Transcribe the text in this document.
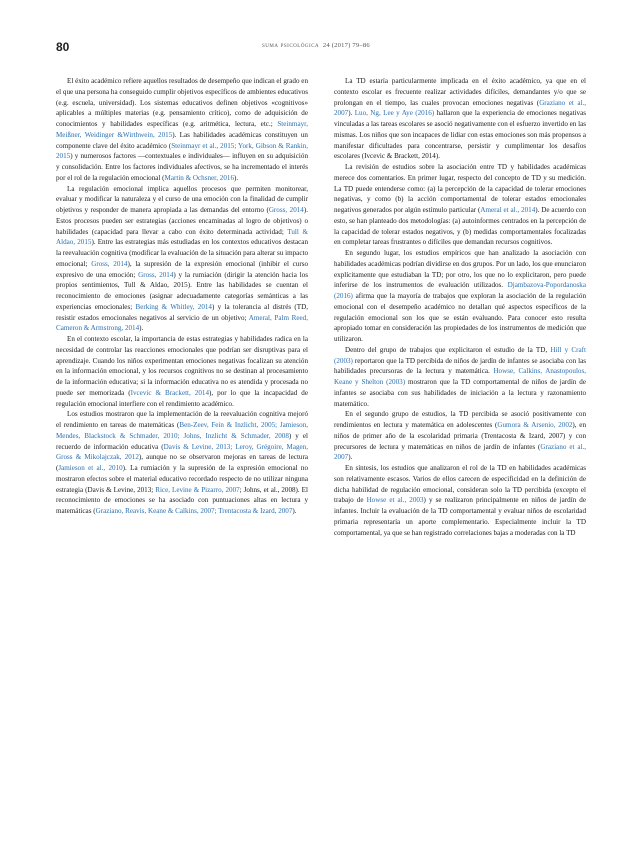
80	suma psicológica 24 (2017) 79–86

El éxito académico refiere aquellos resultados de desempeño que indican el grado en el que una persona ha conseguido cumplir objetivos específicos de ambientes educativos (e.g. escuela, universidad). Los sistemas educativos definen objetivos «cognitivos» aplicables a múltiples materias (e.g. pensamiento crítico), como de adquisición de conocimientos y habilidades específicas (e.g. aritmética, lectura, etc.; Steinmayr, Meißner, Weidinger &Wirthwein, 2015). Las habilidades académicas constituyen un componente clave del éxito académico (Steinmayr et al., 2015; York, Gibson & Rankin, 2015) y numerosos factores —contextuales e individuales— influyen en su adquisición y consolidación. Entre los factores individuales afectivos, se ha incrementado el interés por el rol de la regulación emocional (Martin & Ochsner, 2016).

La regulación emocional implica aquellos procesos que permiten monitorear, evaluar y modificar la naturaleza y el curso de una emoción con la finalidad de cumplir objetivos y responder de manera apropiada a las demandas del entorno (Gross, 2014). Estos procesos pueden ser estrategias (acciones encaminadas al logro de objetivos) o habilidades (capacidad para llevar a cabo con éxito determinada actividad; Tull & Aldao, 2015). Entre las estrategias más estudiadas en los contextos educativos destacan la reevaluación cognitiva (modificar la evaluación de la situación para alterar su impacto emocional; Gross, 2014), la supresión de la expresión emocional (inhibir el curso expresivo de una emoción; Gross, 2014) y la rumiación (dirigir la atención hacia los propios sentimientos, Tull & Aldao, 2015). Entre las habilidades se cuentan el reconocimiento de emociones (asignar adecuadamente categorías semánticas a las experiencias emocionales; Berking & Whitley, 2014) y la tolerancia al distrés (TD, resistir estados emocionales negativos al servicio de un objetivo; Ameral, Palm Reed, Cameron & Armstrong, 2014).

En el contexto escolar, la importancia de estas estrategias y habilidades radica en la necesidad de controlar las reacciones emocionales que podrían ser disruptivas para el aprendizaje. Cuando los niños experimentan emociones negativas focalizan su atención en la información emocional, y los recursos cognitivos no se destinan al procesamiento de la información educativa; si la información educativa no es atendida y procesada no puede ser memorizada (Ivcevic & Brackett, 2014), por lo que la incapacidad de regulación emocional interfiere con el rendimiento académico.

Los estudios mostraron que la implementación de la reevaluación cognitiva mejoró el rendimiento en tareas de matemáticas (Ben-Zeev, Fein & Inzlicht, 2005; Jamieson, Mendes, Blackstock & Schmader, 2010; Johns, Inzlicht & Schmader, 2008) y el recuerdo de información educativa (Davis & Levine, 2013; Leroy, Grégoire, Magen, Gross & Mikolajczak, 2012), aunque no se observaron mejoras en tareas de lectura (Jamieson et al., 2010). La rumiación y la supresión de la expresión emocional no mostraron efectos sobre el material educativo recordado respecto de no utilizar ninguna estrategia (Davis & Levine, 2013; Rice, Levine & Pizarro, 2007; Johns, et al., 2008). El reconocimiento de emociones se ha asociado con puntuaciones altas en lectura y matemáticas (Graziano, Reavis, Keane & Calkins, 2007; Trentacosta & Izard, 2007).

La TD estaría particularmente implicada en el éxito académico, ya que en el contexto escolar es frecuente realizar actividades difíciles, demandantes y/o que se prolongan en el tiempo, las cuales provocan emociones negativas (Graziano et al., 2007). Luo, Ng, Lee y Aye (2016) hallaron que la experiencia de emociones negativas vinculadas a las tareas escolares se asoció negativamente con el esfuerzo invertido en las mismas. Los niños que son incapaces de lidiar con estas emociones son más propensos a manifestar dificultades para concentrarse, persistir y cumplimentar los desafíos escolares (Ivcevic & Brackett, 2014).

La revisión de estudios sobre la asociación entre TD y habilidades académicas merece dos comentarios. En primer lugar, respecto del concepto de TD y su medición. La TD puede entenderse como: (a) la percepción de la capacidad de tolerar emociones negativas, y como (b) la acción comportamental de tolerar estados emocionales negativos generados por algún estímulo particular (Ameral et al., 2014). De acuerdo con esto, se han planteado dos metodologías: (a) autoinformes centrados en la percepción de la capacidad de tolerar estados negativos, y (b) medidas comportamentales focalizadas en completar tareas frustrantes o difíciles que demandan recursos cognitivos.

En segundo lugar, los estudios empíricos que han analizado la asociación con habilidades académicas podrían dividirse en dos grupos. Por un lado, los que enunciaron explícitamente que estudiaban la TD; por otro, los que no lo explicitaron, pero puede inferirse de los instrumentos de evaluación utilizados. Djambazova-Popordanoska (2016) afirma que la mayoría de trabajos que exploran la asociación de la regulación emocional con el desempeño académico no detallan qué aspectos específicos de la regulación emocional son los que se están evaluando. Para conocer esto resulta apropiado tomar en consideración las propiedades de los instrumentos de medición que utilizaron.

Dentro del grupo de trabajos que explicitaron el estudio de la TD, Hill y Craft (2003) reportaron que la TD percibida de niños de jardín de infantes se asociaba con las habilidades precursoras de la lectura y matemática. Howse, Calkins, Anastopoulos, Keane y Shelton (2003) mostraron que la TD comportamental de niños de jardín de infantes se asociaba con sus habilidades de iniciación a la lectura y razonamiento matemático.

En el segundo grupo de estudios, la TD percibida se asoció positivamente con rendimientos en lectura y matemática en adolescentes (Gumora & Arsenio, 2002), en niños de primer año de la escolaridad primaria (Trentacosta & Izard, 2007) y con precursores de lectura y matemáticas en niños de jardín de infantes (Graziano et al., 2007).

En síntesis, los estudios que analizaron el rol de la TD en habilidades académicas son relativamente escasos. Varios de ellos carecen de especificidad en la definición de dicha habilidad de regulación emocional, consideran solo la TD percibida (excepto el trabajo de Howse et al., 2003) y se realizaron principalmente en niños de jardín de infantes. Incluir la evaluación de la TD comportamental y evaluar niños de escolaridad primaria representaría un aporte complementario. Especialmente incluir la TD comportamental, ya que se han registrado correlaciones bajas a moderadas con la TD
